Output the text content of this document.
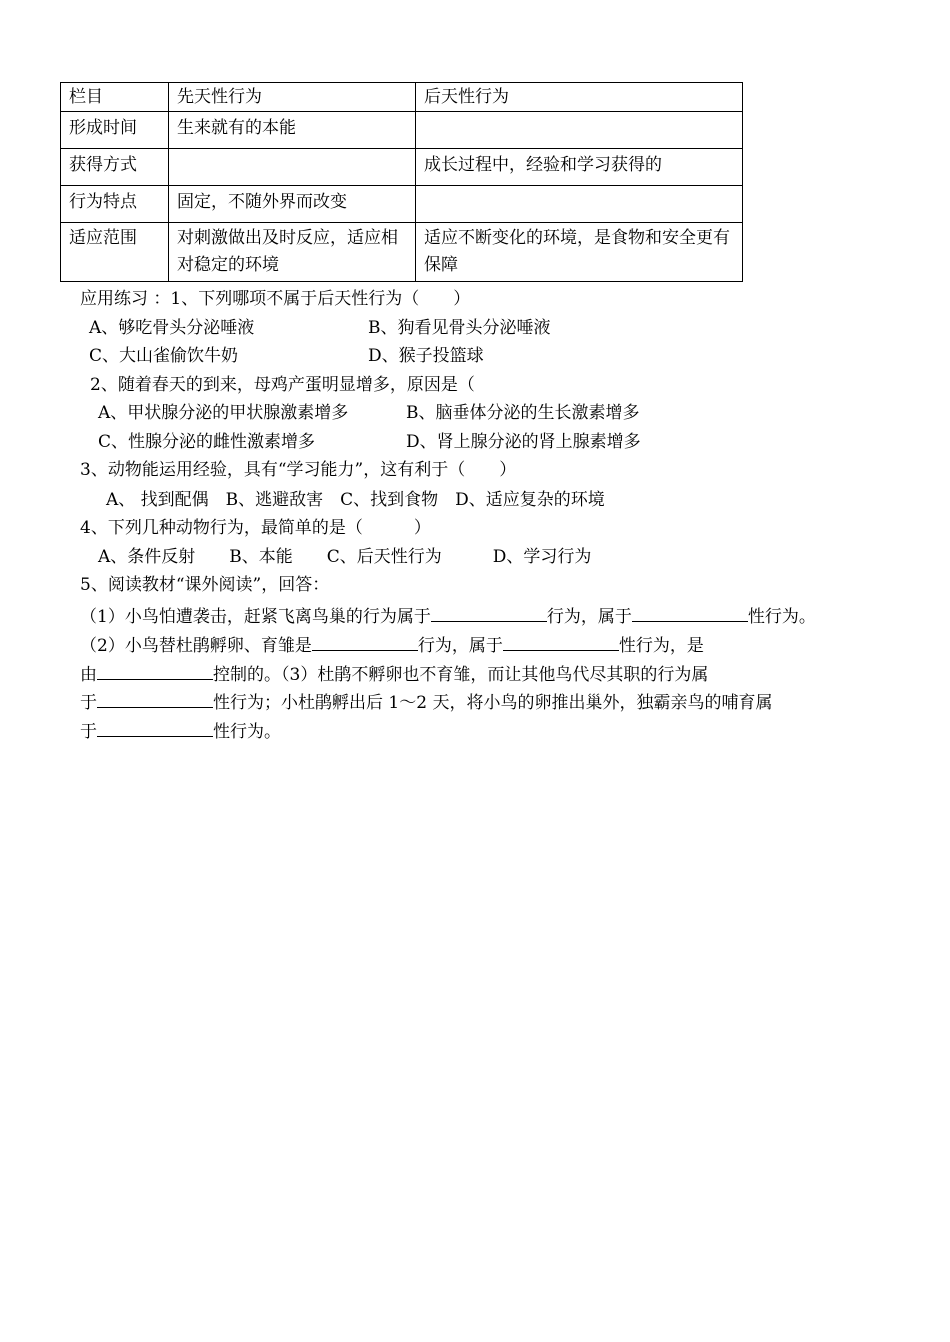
栏目	先天性行为	后天性行为
形成时间	生来就有的本能	
获得方式		成长过程中，经验和学习获得的
行为特点	固定，不随外界而改变	
适应范围	对刺激做出及时反应，适应相对稳定的环境	适应不断变化的环境，是食物和安全更有保障
应用练习 ：1、下列哪项不属于后天性行为（　　）
A、够吃骨头分泌唾液	B、狗看见骨头分泌唾液
C、大山雀偷饮牛奶	D、猴子投篮球
2、随着春天的到来，母鸡产蛋明显增多，原因是（
A、甲状腺分泌的甲状腺激素增多	B、脑垂体分泌的生长激素增多
C、性腺分泌的雌性激素增多	D、肾上腺分泌的肾上腺素增多
3、动物能运用经验，具有“学习能力”，这有利于（　　）
A、 找到配偶　B、逃避敌害　C、找到食物　D、适应复杂的环境
4、下列几种动物行为，最简单的是（　　　）
A、条件反射　　B、本能　　C、后天性行为　　　D、学习行为
5、阅读教材“课外阅读”，回答：
（1）小鸟怕遭袭击，赶紧飞离鸟巢的行为属于	行为，属于	性行为。
（2）小鸟替杜鹃孵卵、育雏是	行为，属于	性行为，是
由	控制的。（3）杜鹃不孵卵也不育雏，而让其他鸟代尽其职的行为属
于	性行为；小杜鹃孵出后 1～2 天，将小鸟的卵推出巢外，独霸亲鸟的哺育属
于	性行为。
